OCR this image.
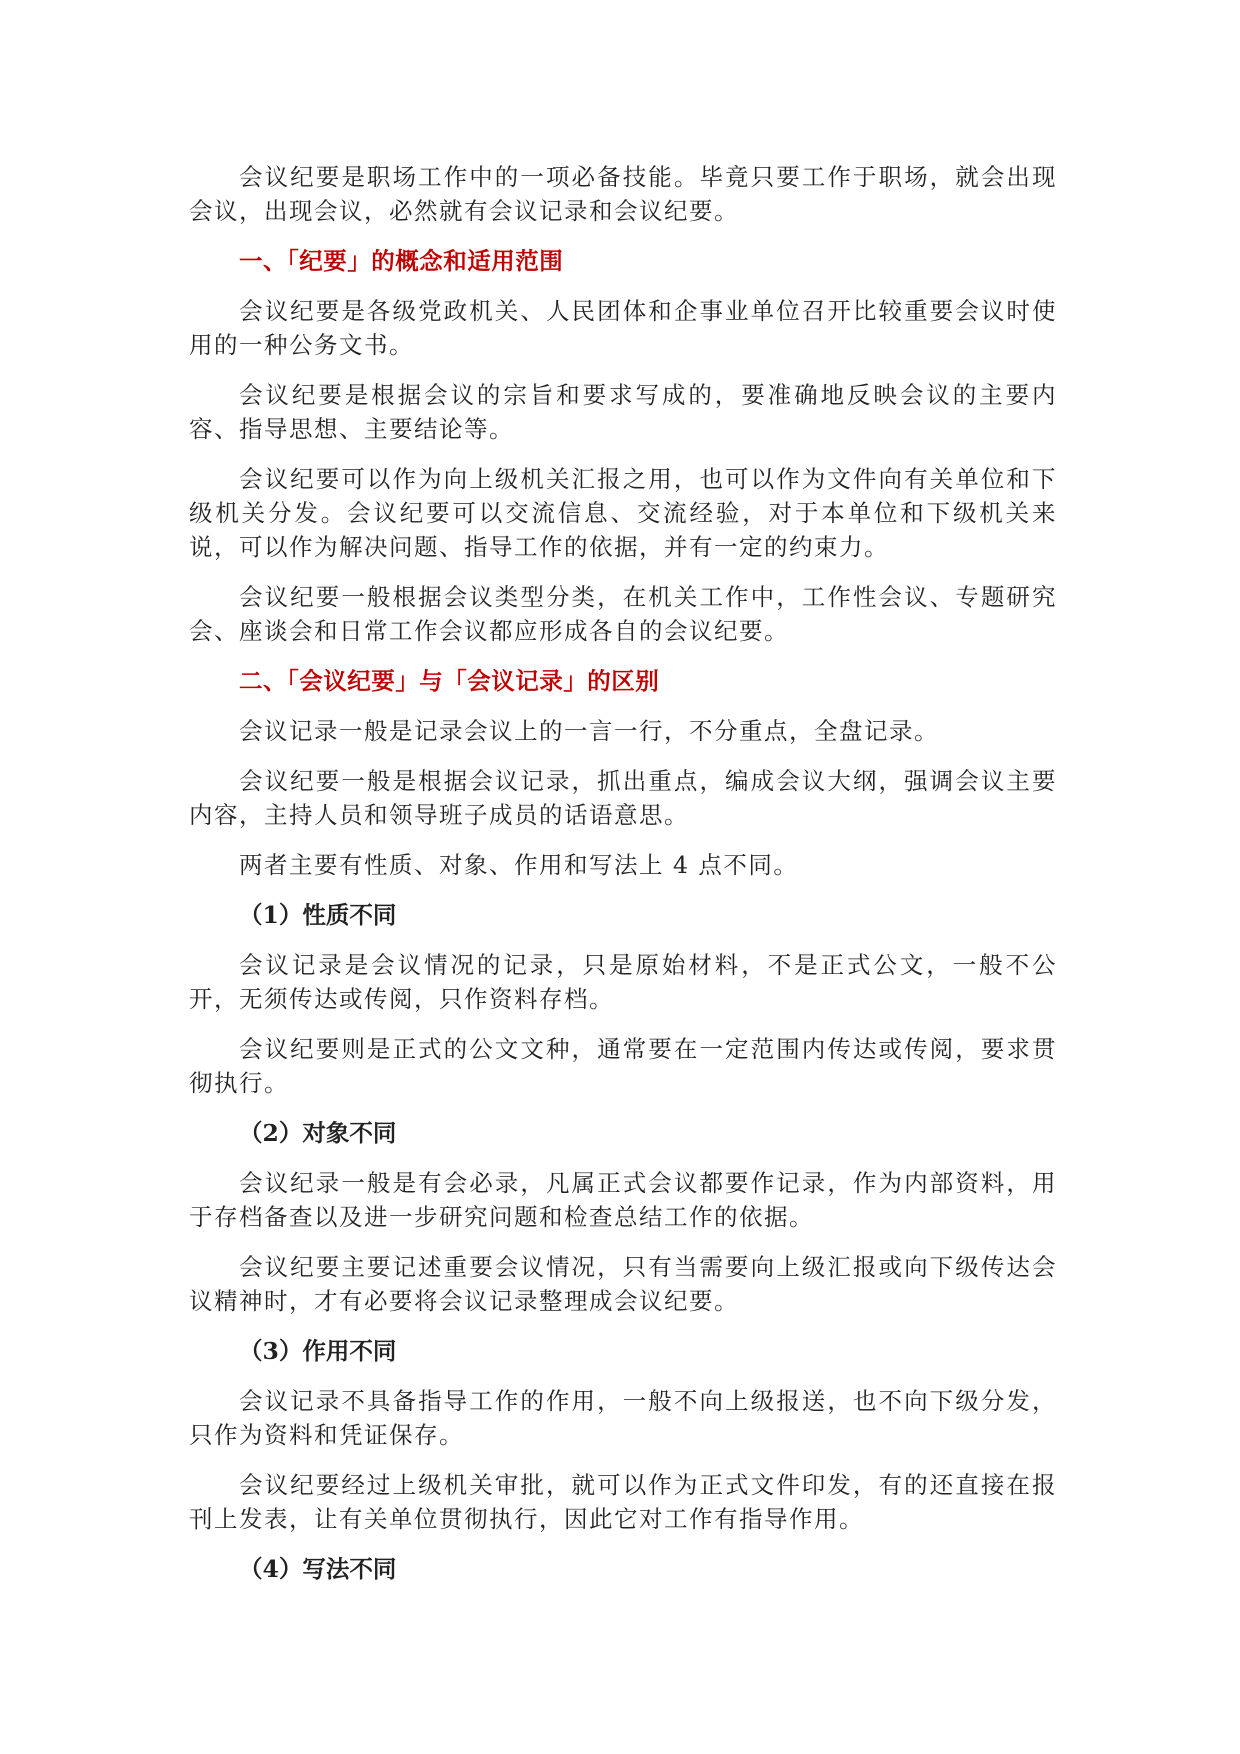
会议纪要是职场工作中的一项必备技能。毕竟只要工作于职场，就会出现会议，出现会议，必然就有会议记录和会议纪要。

一、「纪要」的概念和适用范围

会议纪要是各级党政机关、人民团体和企事业单位召开比较重要会议时使用的一种公务文书。

会议纪要是根据会议的宗旨和要求写成的，要准确地反映会议的主要内容、指导思想、主要结论等。

会议纪要可以作为向上级机关汇报之用，也可以作为文件向有关单位和下级机关分发。会议纪要可以交流信息、交流经验，对于本单位和下级机关来说，可以作为解决问题、指导工作的依据，并有一定的约束力。

会议纪要一般根据会议类型分类，在机关工作中，工作性会议、专题研究会、座谈会和日常工作会议都应形成各自的会议纪要。

二、「会议纪要」与「会议记录」的区别

会议记录一般是记录会议上的一言一行，不分重点，全盘记录。

会议纪要一般是根据会议记录，抓出重点，编成会议大纲，强调会议主要内容，主持人员和领导班子成员的话语意思。

两者主要有性质、对象、作用和写法上 4 点不同。

（1）性质不同

会议记录是会议情况的记录，只是原始材料，不是正式公文，一般不公开，无须传达或传阅，只作资料存档。

会议纪要则是正式的公文文种，通常要在一定范围内传达或传阅，要求贯彻执行。

（2）对象不同

会议纪录一般是有会必录，凡属正式会议都要作记录，作为内部资料，用于存档备查以及进一步研究问题和检查总结工作的依据。

会议纪要主要记述重要会议情况，只有当需要向上级汇报或向下级传达会议精神时，才有必要将会议记录整理成会议纪要。

（3）作用不同

会议记录不具备指导工作的作用，一般不向上级报送，也不向下级分发，只作为资料和凭证保存。

会议纪要经过上级机关审批，就可以作为正式文件印发，有的还直接在报刊上发表，让有关单位贯彻执行，因此它对工作有指导作用。

（4）写法不同
